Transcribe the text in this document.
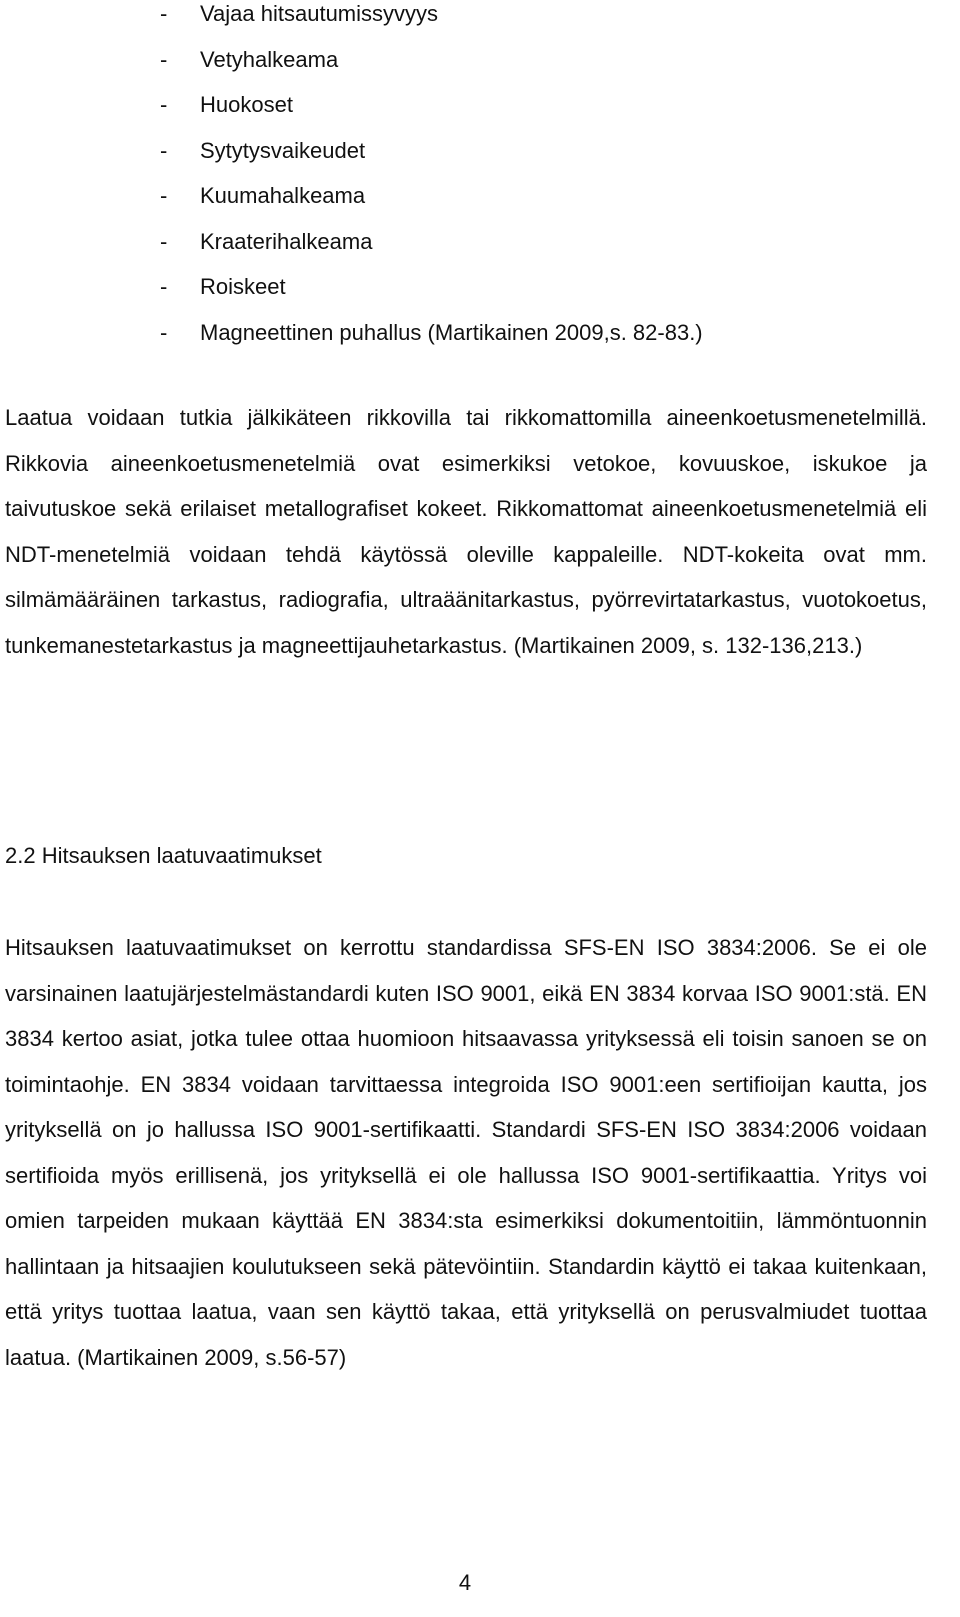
- Vajaa hitsautumissyvyys
- Vetyhalkeama
- Huokoset
- Sytytysvaikeudet
- Kuumahalkeama
- Kraaterihalkeama
- Roiskeet
- Magneettinen puhallus (Martikainen 2009,s. 82-83.)

Laatua voidaan tutkia jälkikäteen rikkovilla tai rikkomattomilla aineenkoetusmenetelmillä. Rikkovia aineenkoetusmenetelmiä ovat esimerkiksi vetokoe, kovuuskoe, iskukoe ja taivutuskoe sekä erilaiset metallografiset kokeet. Rikkomattomat aineenkoetusmenetelmiä eli NDT-menetelmiä voidaan tehdä käytössä oleville kappaleille. NDT-kokeita ovat mm. silmämääräinen tarkastus, radiografia, ultraäänitarkastus, pyörrevirtatarkastus, vuotokoetus, tunkemanestetarkastus ja magneettijauhetarkastus. (Martikainen 2009, s. 132-136,213.)

2.2 Hitsauksen laatuvaatimukset

Hitsauksen laatuvaatimukset on kerrottu standardissa SFS-EN ISO 3834:2006. Se ei ole varsinainen laatujärjestelmästandardi kuten ISO 9001, eikä EN 3834 korvaa ISO 9001:stä. EN 3834 kertoo asiat, jotka tulee ottaa huomioon hitsaavassa yrityksessä eli toisin sanoen se on toimintaohje. EN 3834 voidaan tarvittaessa integroida ISO 9001:een sertifioijan kautta, jos yrityksellä on jo hallussa ISO 9001-sertifikaatti. Standardi SFS-EN ISO 3834:2006 voidaan sertifioida myös erillisenä, jos yrityksellä ei ole hallussa ISO 9001-sertifikaattia. Yritys voi omien tarpeiden mukaan käyttää EN 3834:sta esimerkiksi dokumentoitiin, lämmöntuonnin hallintaan ja hitsaajien koulutukseen sekä pätevöintiin. Standardin käyttö ei takaa kuitenkaan, että yritys tuottaa laatua, vaan sen käyttö takaa, että yrityksellä on perusvalmiudet tuottaa laatua. (Martikainen 2009, s.56-57)

4
